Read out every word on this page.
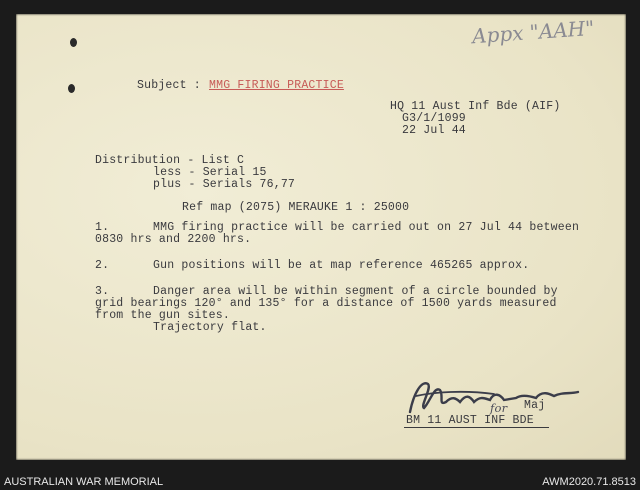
Appx "AAH"
Subject : MMG FIRING PRACTICE
HQ 11 Aust Inf Bde (AIF)
G3/1/1099
22 Jul 44
Distribution - List C
less - Serial 15
plus - Serials 76,77
Ref map (2075) MERAUKE 1 : 25000
1.	MMG firing practice will be carried out on 27 Jul 44 between
0830 hrs and 2200 hrs.
2.	Gun positions will be at map reference 465265 approx.
3.	Danger area will be within segment of a circle bounded by
grid bearings 120° and 135° for a distance of 1500 yards measured
from the gun sites.
Trajectory flat.
for Maj
BM 11 AUST INF BDE
AUSTRALIAN WAR MEMORIAL	AWM2020.71.8513
